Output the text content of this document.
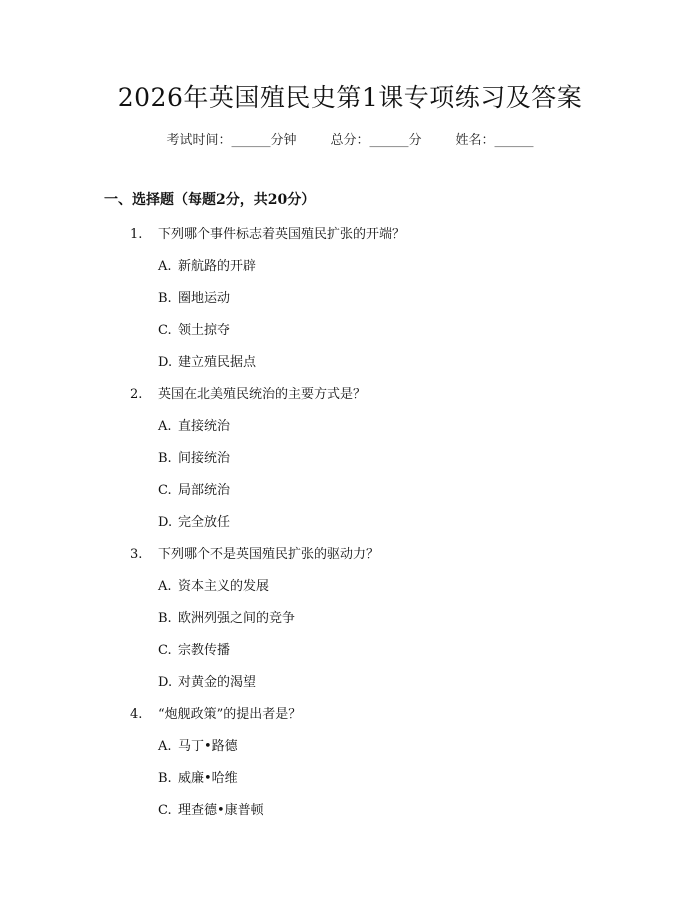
2026年英国殖民史第1课专项练习及答案
考试时间：______分钟	总分：______分	姓名：______
一、选择题（每题2分，共20分）
1. 下列哪个事件标志着英国殖民扩张的开端？
A. 新航路的开辟
B. 圈地运动
C. 领土掠夺
D. 建立殖民据点
2. 英国在北美殖民统治的主要方式是？
A. 直接统治
B. 间接统治
C. 局部统治
D. 完全放任
3. 下列哪个不是英国殖民扩张的驱动力？
A. 资本主义的发展
B. 欧洲列强之间的竞争
C. 宗教传播
D. 对黄金的渴望
4. “炮舰政策”的提出者是？
A. 马丁•路德
B. 威廉•哈维
C. 理查德•康普顿
